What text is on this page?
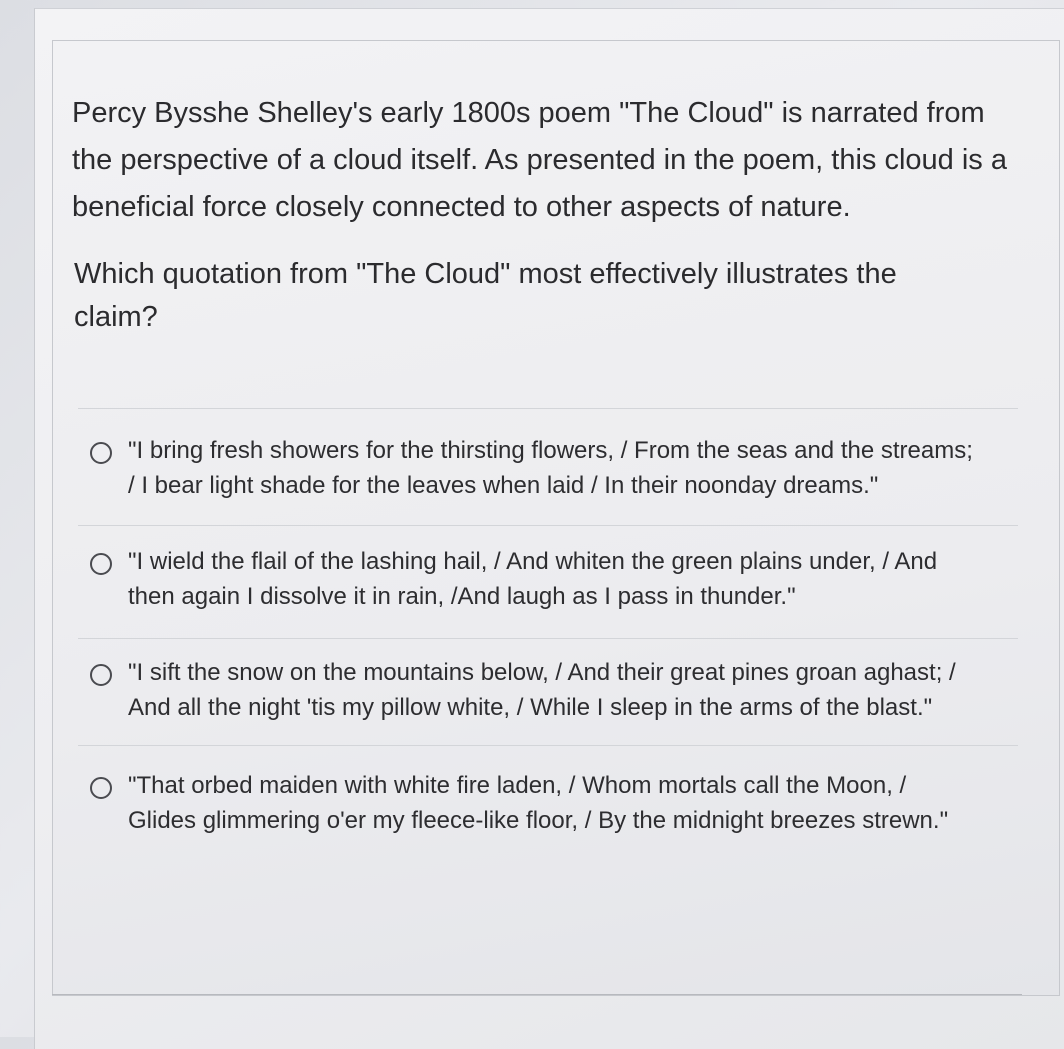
Percy Bysshe Shelley's early 1800s poem "The Cloud" is narrated from the perspective of a cloud itself. As presented in the poem, this cloud is a beneficial force closely connected to other aspects of nature.

Which quotation from "The Cloud" most effectively illustrates the claim?

"I bring fresh showers for the thirsting flowers, / From the seas and the streams; / I bear light shade for the leaves when laid / In their noonday dreams."
"I wield the flail of the lashing hail, / And whiten the green plains under, / And then again I dissolve it in rain, /And laugh as I pass in thunder."
"I sift the snow on the mountains below, / And their great pines groan aghast; / And all the night 'tis my pillow white, / While I sleep in the arms of the blast."
"That orbed maiden with white fire laden, / Whom mortals call the Moon, / Glides glimmering o'er my fleece-like floor, / By the midnight breezes strewn."
